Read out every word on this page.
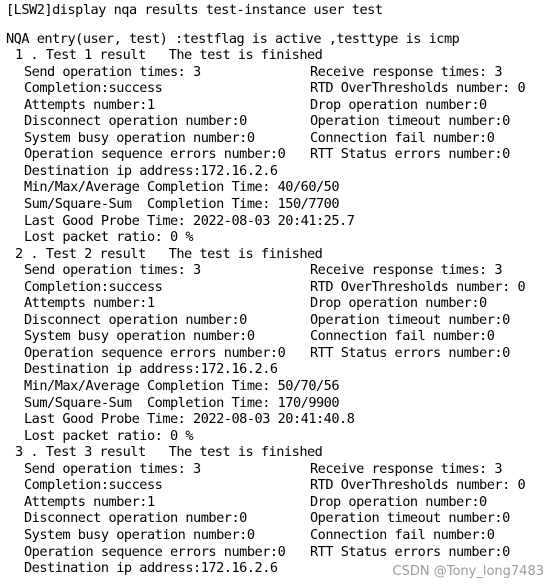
[LSW2]display nqa results test-instance user test
NQA entry(user, test) :testflag is active ,testtype is icmp
1 . Test 1 result   The test is finished
Send operation times: 3	Receive response times: 3
Completion:success	RTD OverThresholds number: 0
Attempts number:1	Drop operation number:0
Disconnect operation number:0	Operation timeout number:0
System busy operation number:0	Connection fail number:0
Operation sequence errors number:0	RTT Status errors number:0
Destination ip address:172.16.2.6
Min/Max/Average Completion Time: 40/60/50
Sum/Square-Sum  Completion Time: 150/7700
Last Good Probe Time: 2022-08-03 20:41:25.7
Lost packet ratio: 0 %
2 . Test 2 result   The test is finished
Send operation times: 3	Receive response times: 3
Completion:success	RTD OverThresholds number: 0
Attempts number:1	Drop operation number:0
Disconnect operation number:0	Operation timeout number:0
System busy operation number:0	Connection fail number:0
Operation sequence errors number:0	RTT Status errors number:0
Destination ip address:172.16.2.6
Min/Max/Average Completion Time: 50/70/56
Sum/Square-Sum  Completion Time: 170/9900
Last Good Probe Time: 2022-08-03 20:41:40.8
Lost packet ratio: 0 %
3 . Test 3 result   The test is finished
Send operation times: 3	Receive response times: 3
Completion:success	RTD OverThresholds number: 0
Attempts number:1	Drop operation number:0
Disconnect operation number:0	Operation timeout number:0
System busy operation number:0	Connection fail number:0
Operation sequence errors number:0	RTT Status errors number:0
Destination ip address:172.16.2.6	CSDN @Tony_long7483
